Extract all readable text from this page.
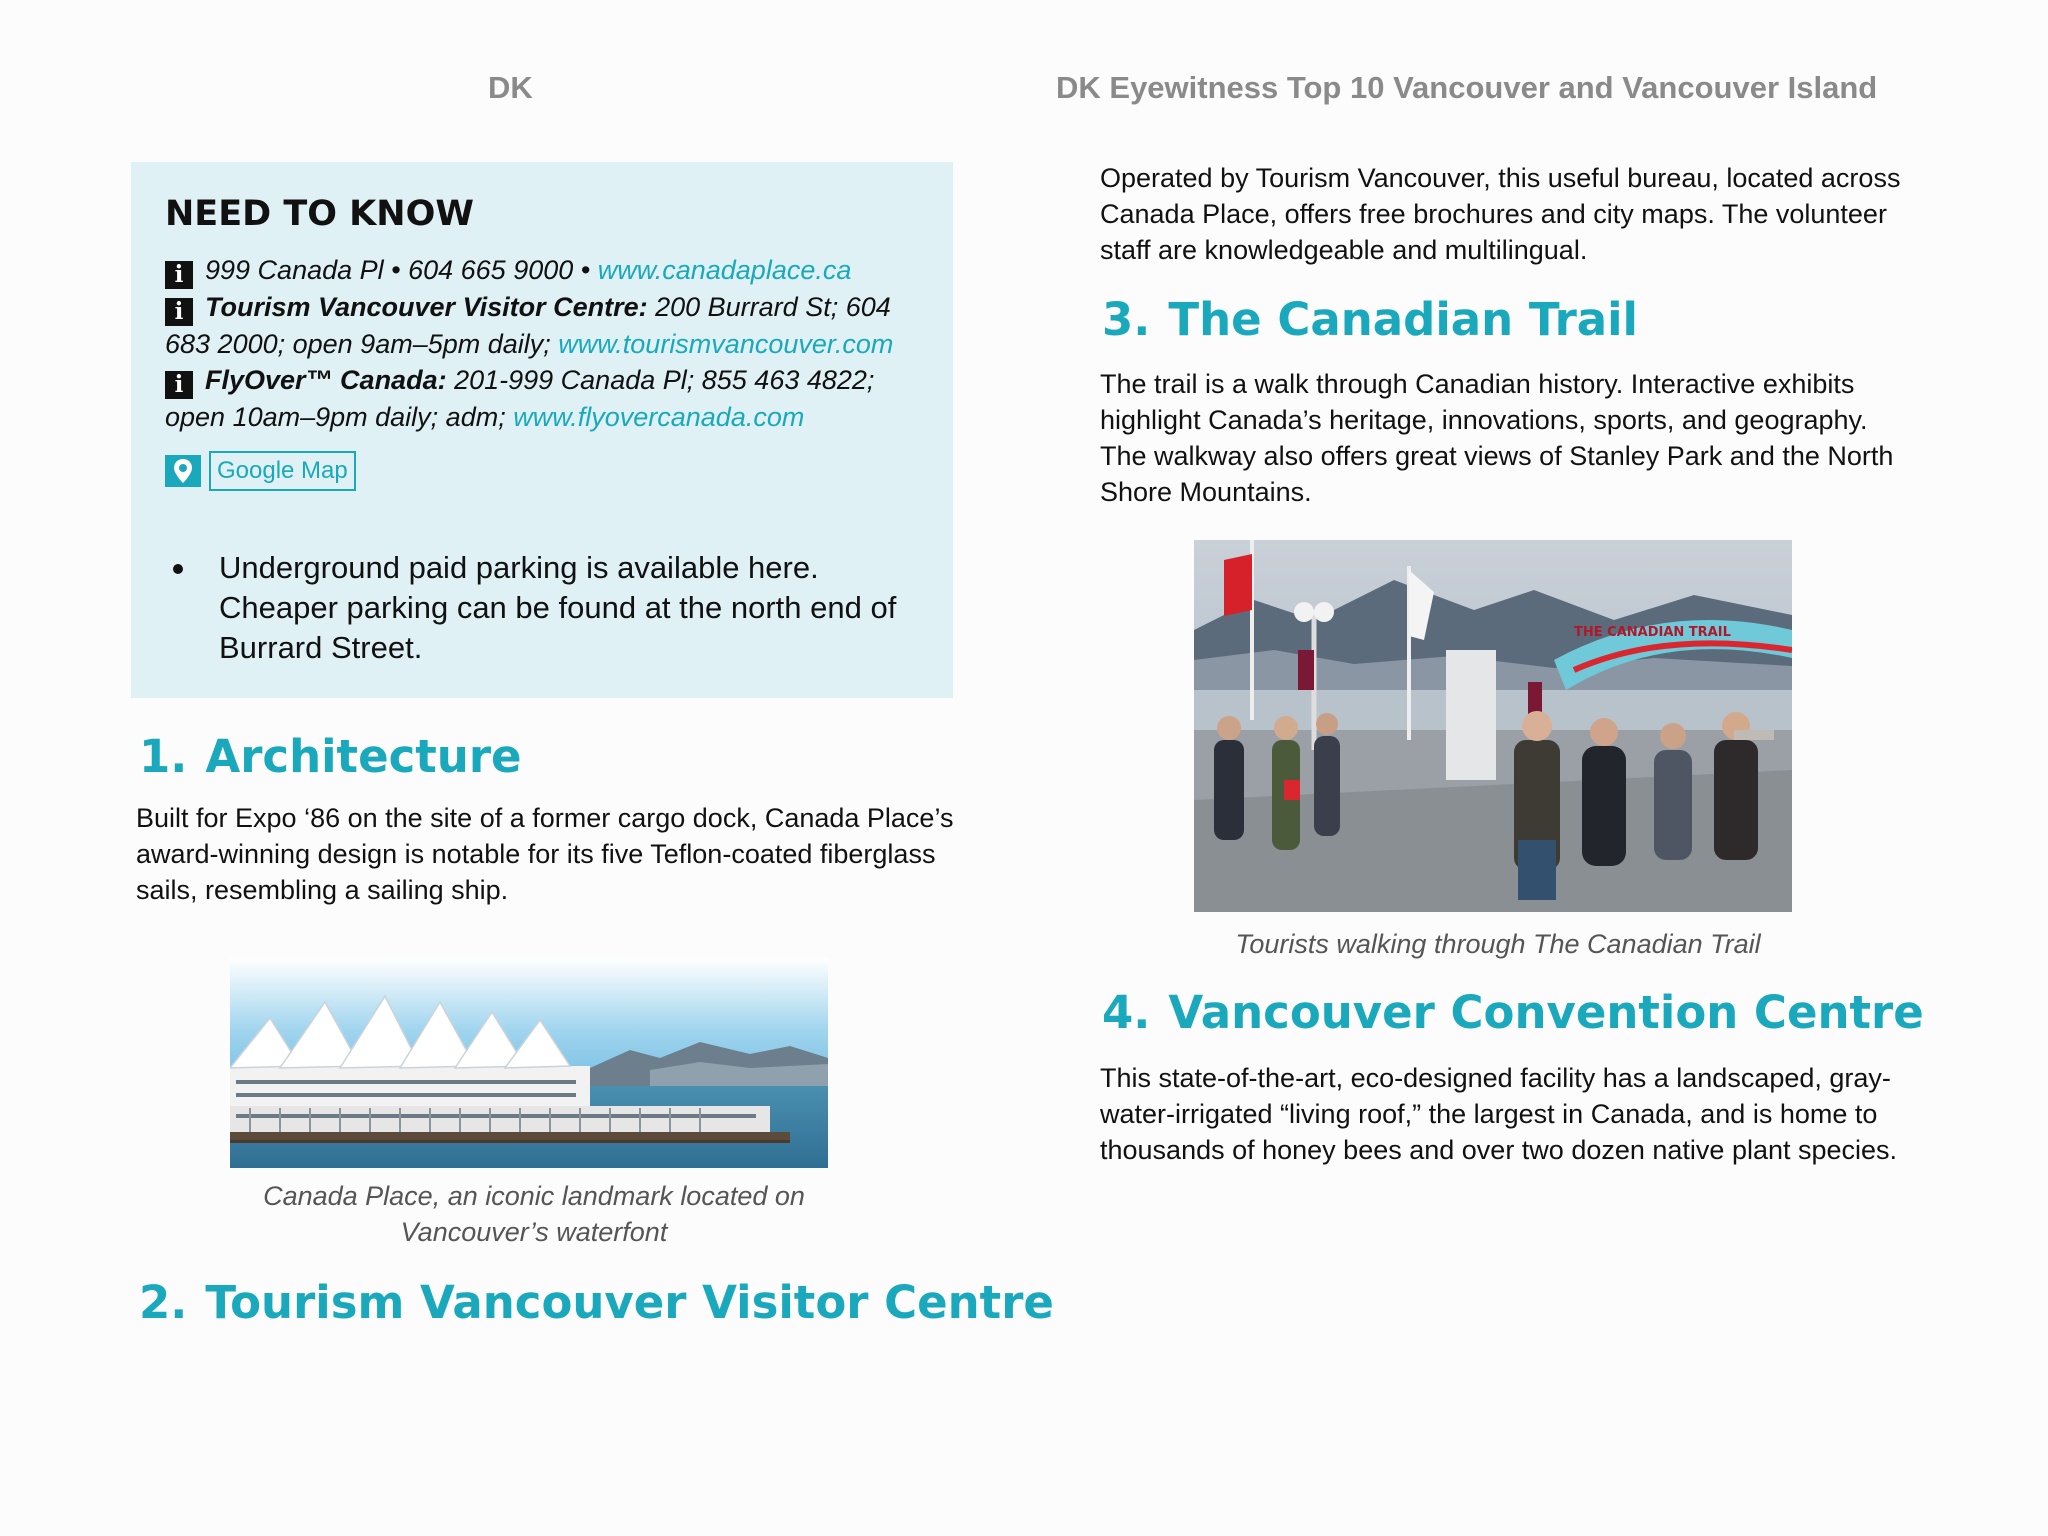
DK	DK Eyewitness Top 10 Vancouver and Vancouver Island
NEED TO KNOW
i 999 Canada Pl • 604 665 9000 • www.canadaplace.ca
i Tourism Vancouver Visitor Centre: 200 Burrard St; 604 683 2000; open 9am–5pm daily; www.tourismvancouver.com
i FlyOver™ Canada: 201-999 Canada Pl; 855 463 4822; open 10am–9pm daily; adm; www.flyovercanada.com
Google Map
Underground paid parking is available here. Cheaper parking can be found at the north end of Burrard Street.
1. Architecture
Built for Expo ‘86 on the site of a former cargo dock, Canada Place’s award-winning design is notable for its five Teflon-coated fiberglass sails, resembling a sailing ship.
Canada Place, an iconic landmark located on Vancouver’s waterfont
2. Tourism Vancouver Visitor Centre
Operated by Tourism Vancouver, this useful bureau, located across Canada Place, offers free brochures and city maps. The volunteer staff are knowledgeable and multilingual.
3. The Canadian Trail
The trail is a walk through Canadian history. Interactive exhibits highlight Canada’s heritage, innovations, sports, and geography. The walkway also offers great views of Stanley Park and the North Shore Mountains.
THE CANADIAN TRAIL
Tourists walking through The Canadian Trail
4. Vancouver Convention Centre
This state-of-the-art, eco-designed facility has a landscaped, gray-water-irrigated “living roof,” the largest in Canada, and is home to thousands of honey bees and over two dozen native plant species.
